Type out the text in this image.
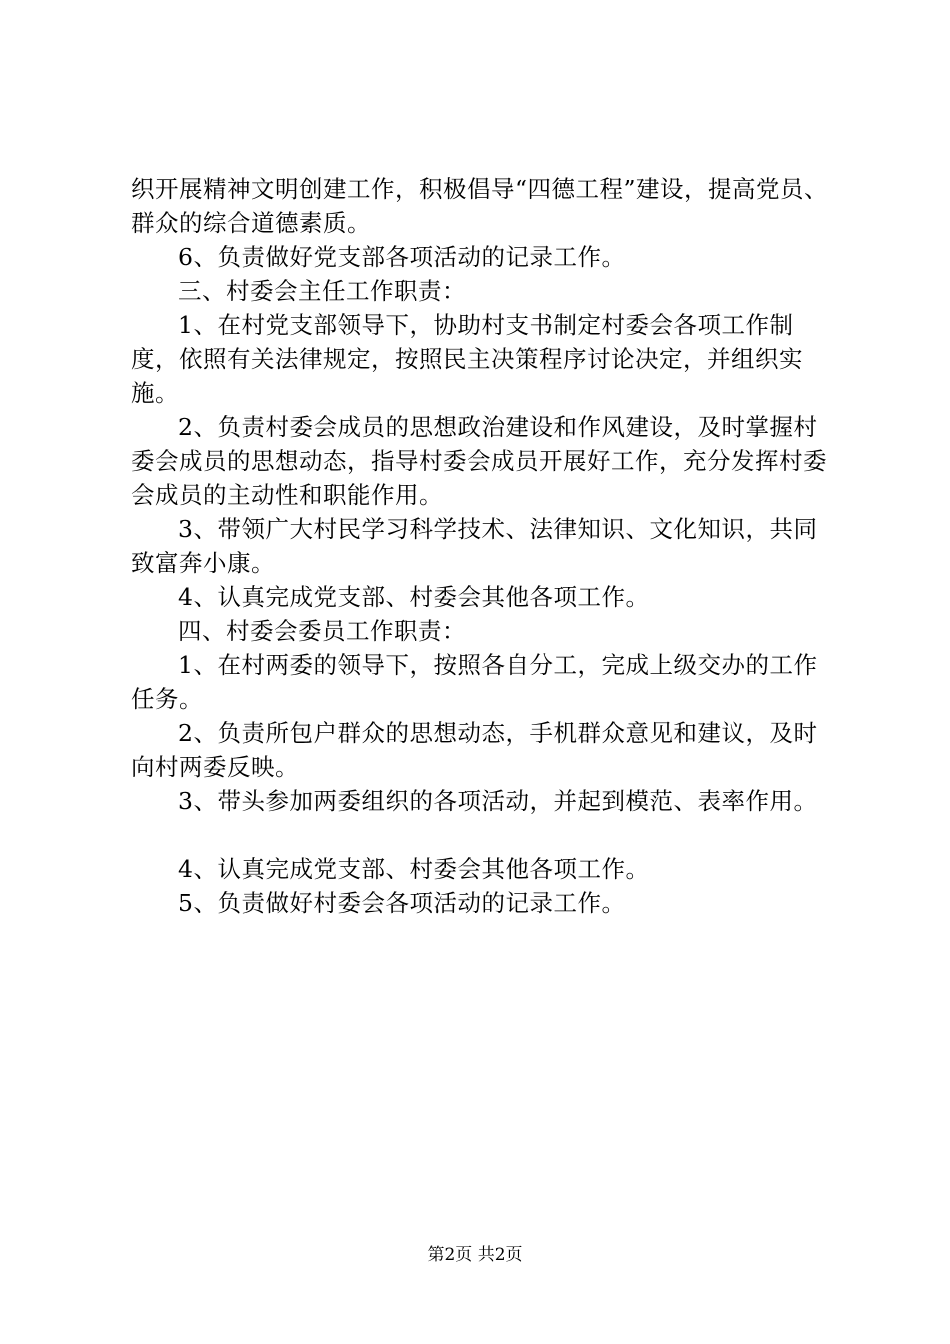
织开展精神文明创建工作，积极倡导“四德工程”建设，提高党员、群众的综合道德素质。

6、负责做好党支部各项活动的记录工作。

三、村委会主任工作职责：

1、在村党支部领导下，协助村支书制定村委会各项工作制度，依照有关法律规定，按照民主决策程序讨论决定，并组织实施。

2、负责村委会成员的思想政治建设和作风建设，及时掌握村委会成员的思想动态，指导村委会成员开展好工作，充分发挥村委会成员的主动性和职能作用。

3、带领广大村民学习科学技术、法律知识、文化知识，共同致富奔小康。

4、认真完成党支部、村委会其他各项工作。

四、村委会委员工作职责：

1、在村两委的领导下，按照各自分工，完成上级交办的工作任务。

2、负责所包户群众的思想动态，手机群众意见和建议，及时向村两委反映。

3、带头参加两委组织的各项活动，并起到模范、表率作用。

4、认真完成党支部、村委会其他各项工作。

5、负责做好村委会各项活动的记录工作。

第2页 共2页
